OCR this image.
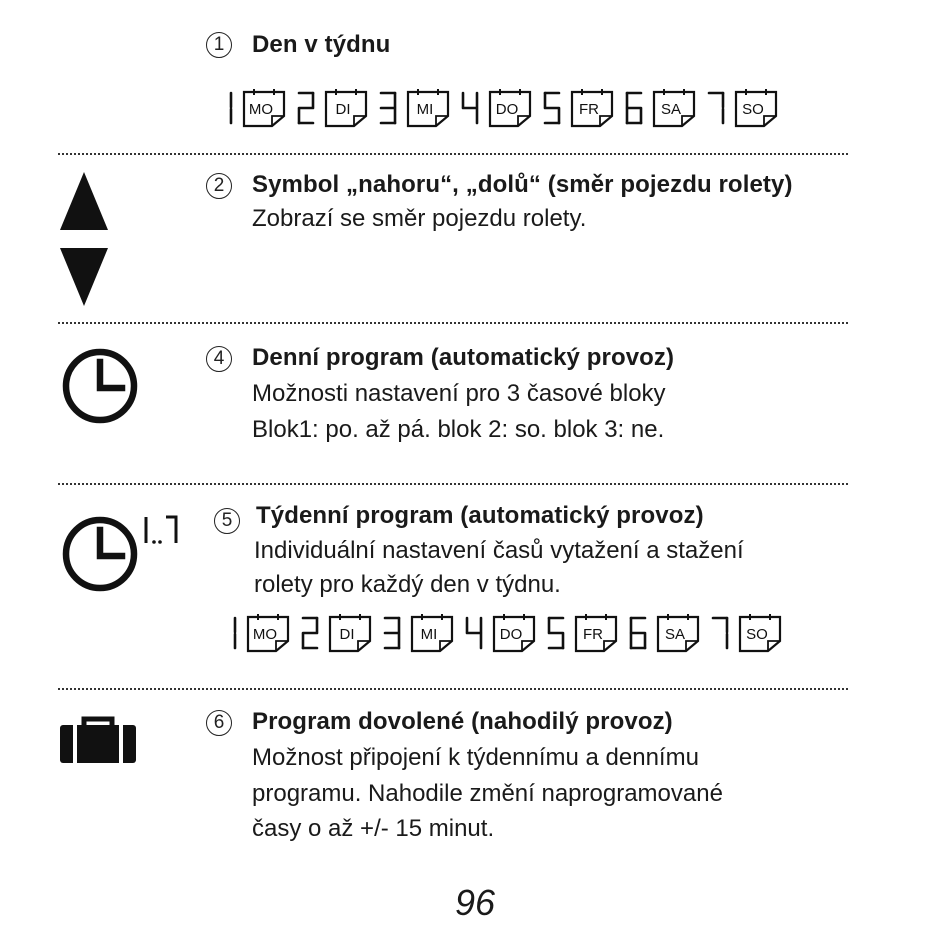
1	Den v týdnu
MO	DI	MI	DO	FR	SA	SO
2	Symbol „nahoru“, „dolů“ (směr pojezdu rolety)
Zobrazí se směr pojezdu rolety.
4	Denní program (automatický provoz)
Možnosti nastavení pro 3 časové bloky
Blok1: po. až pá. blok 2: so. blok 3: ne.
5 Týdenní program (automatický provoz)
Individuální nastavení časů vytažení a stažení
rolety pro každý den v týdnu.
MO	DI	MI	DO	FR	SA	SO
6	Program dovolené (nahodilý provoz)
Možnost připojení k týdennímu a dennímu
programu. Nahodile změní naprogramované
časy o až +/- 15 minut.
96
